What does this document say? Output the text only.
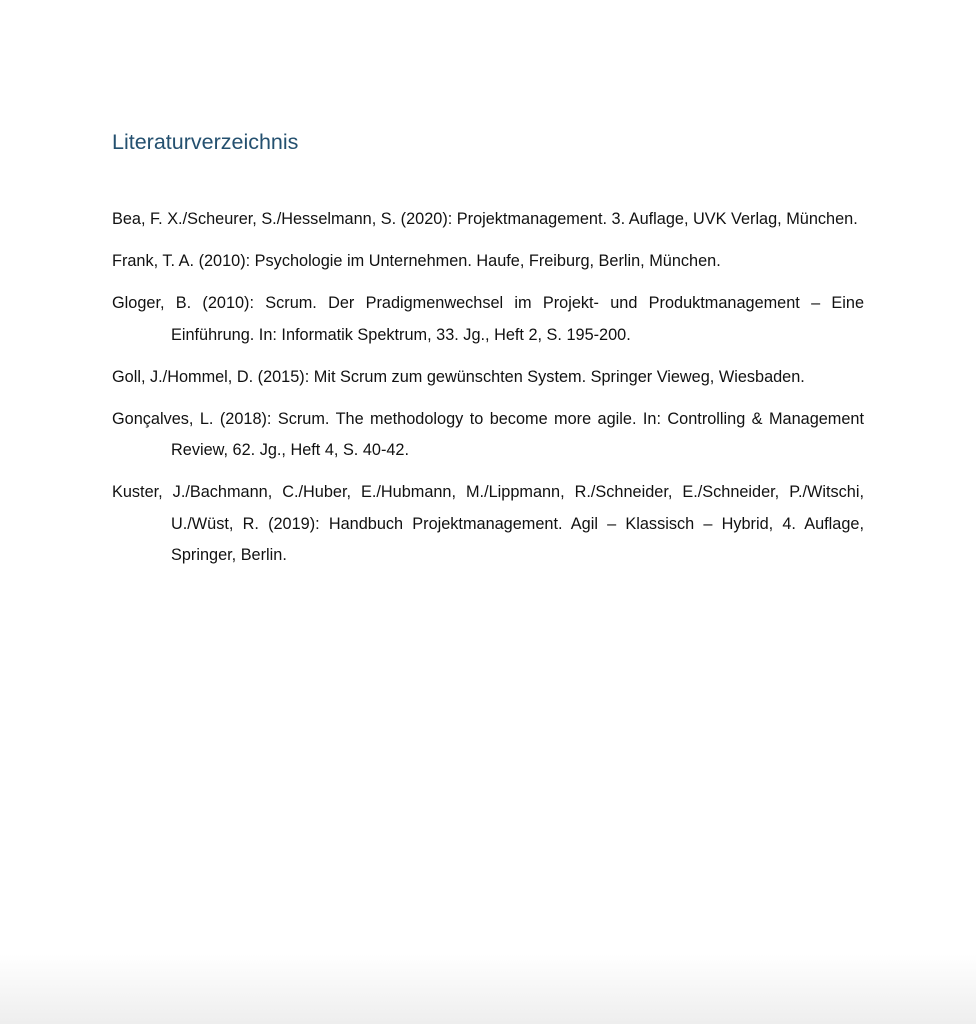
Literaturverzeichnis
Bea, F. X./Scheurer, S./Hesselmann, S. (2020): Projektmanagement. 3. Auflage, UVK Verlag, München.
Frank, T. A. (2010): Psychologie im Unternehmen. Haufe, Freiburg, Berlin, München.
Gloger, B. (2010): Scrum. Der Pradigmenwechsel im Projekt- und Produktmanagement – Eine Einführung. In: Informatik Spektrum, 33. Jg., Heft 2, S. 195-200.
Goll, J./Hommel, D. (2015): Mit Scrum zum gewünschten System. Springer Vieweg, Wiesbaden.
Gonçalves, L. (2018): Scrum. The methodology to become more agile. In: Controlling & Management Review, 62. Jg., Heft 4, S. 40-42.
Kuster, J./Bachmann, C./Huber, E./Hubmann, M./Lippmann, R./Schneider, E./Schneider, P./Witschi, U./Wüst, R. (2019): Handbuch Projektmanagement. Agil – Klassisch – Hybrid, 4. Auflage, Springer, Berlin.
